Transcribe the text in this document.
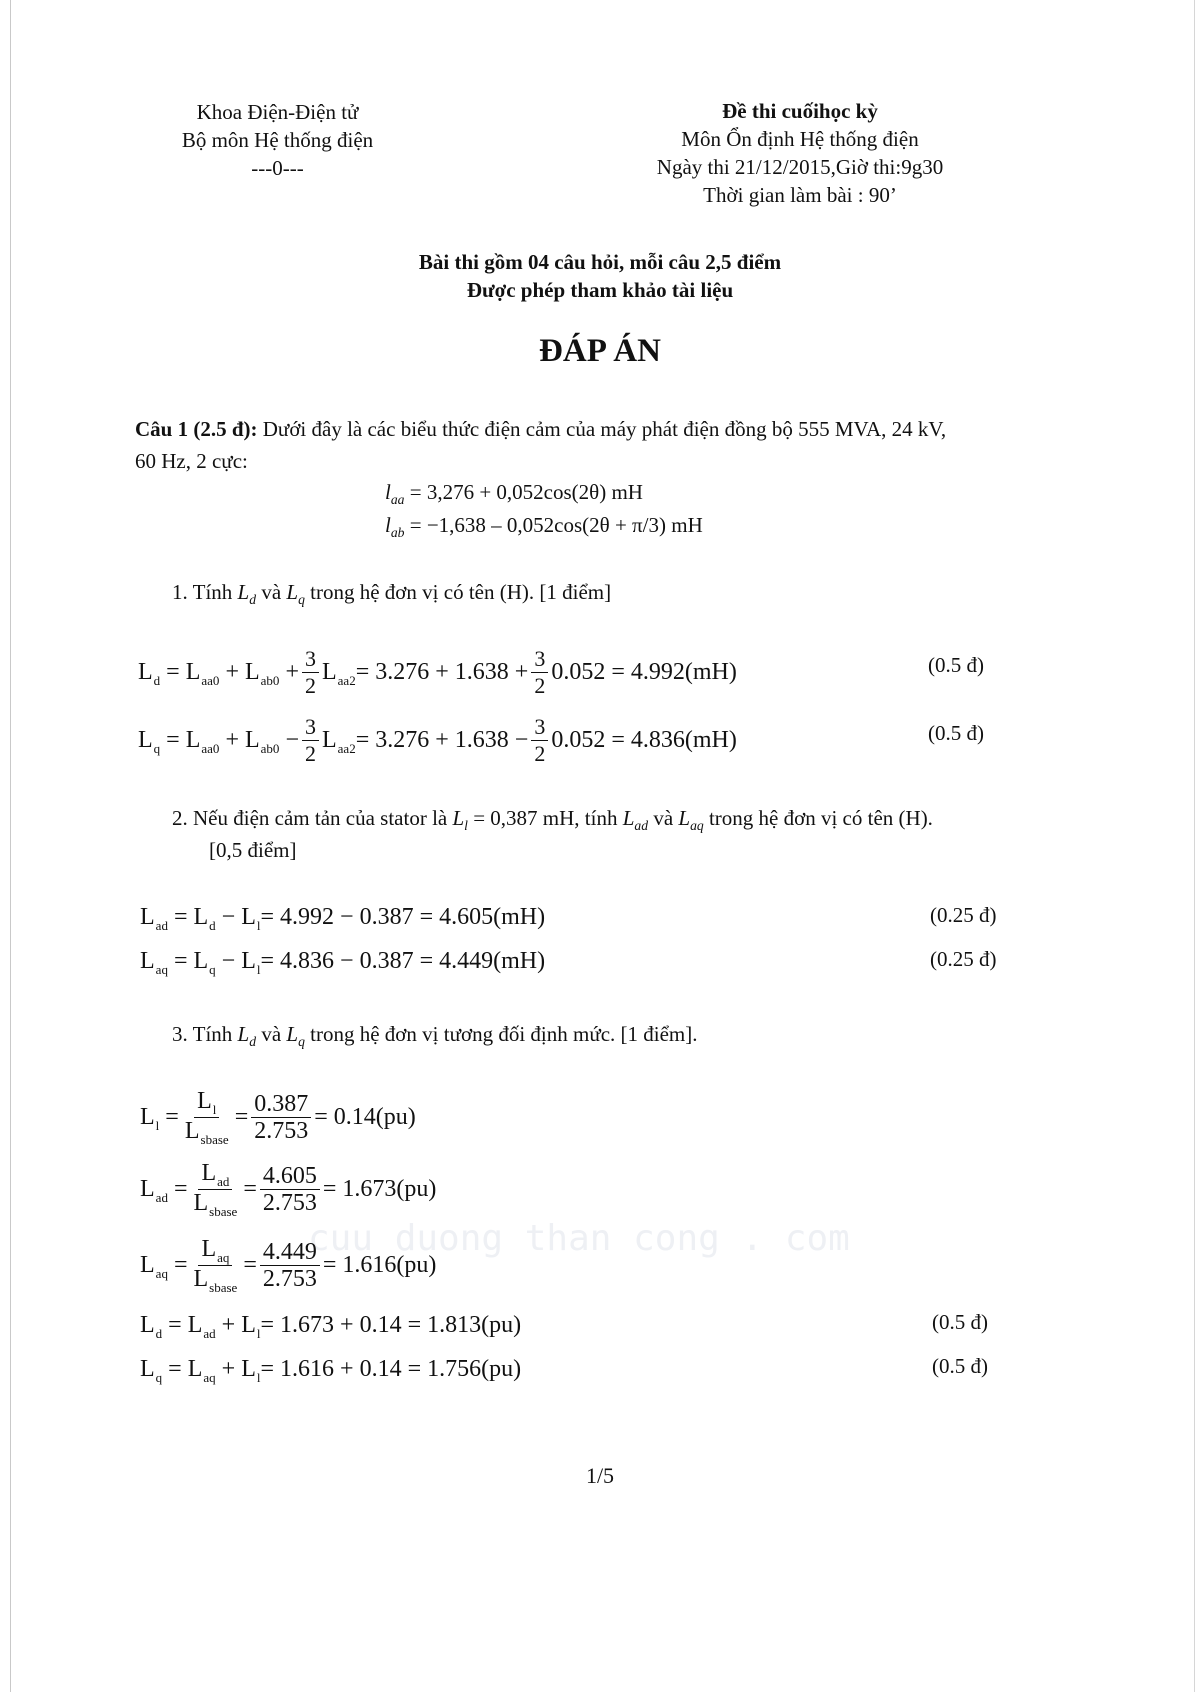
Khoa Điện-Điện tử
Bộ môn Hệ thống điện
---0---
Đề thi cuốihọc kỳ
Môn Ổn định Hệ thống điện
Ngày thi 21/12/2015,Giờ thi:9g30
Thời gian làm bài : 90’
Bài thi gồm 04 câu hỏi, mỗi câu 2,5 điểm
Được phép tham khảo tài liệu
ĐÁP ÁN
Câu 1 (2.5 đ): Dưới đây là các biểu thức điện cảm của máy phát điện đồng bộ 555 MVA, 24 kV,
60 Hz, 2 cực:
$l_{aa} = 3,276 + 0,052\cos(2\theta)$ mH
$l_{ab} = -1,638 - 0,052\cos(2\theta + \pi/3)$ mH
1. Tính $L_d$ và $L_q$ trong hệ đơn vị có tên (H). [1 điểm]
$L_d = L_{aa0} + L_{ab0} + \frac{3}{2} L_{aa2} = 3.276 + 1.638 + \frac{3}{2} 0.052 = 4.992(mH)$	(0.5 đ)
$L_q = L_{aa0} + L_{ab0} - \frac{3}{2} L_{aa2} = 3.276 + 1.638 - \frac{3}{2} 0.052 = 4.836(mH)$	(0.5 đ)
2. Nếu điện cảm tản của stator là $L_l = 0,387$ mH, tính $L_{ad}$ và $L_{aq}$ trong hệ đơn vị có tên (H).
[0,5 điểm]
$L_{ad} = L_d - L_l = 4.992 - 0.387 = 4.605(mH)$	(0.25 đ)
$L_{aq} = L_q - L_l = 4.836 - 0.387 = 4.449(mH)$	(0.25 đ)
3. Tính $L_d$ và $L_q$ trong hệ đơn vị tương đối định mức. [1 điểm].
$L_l = \frac{L_l}{L_{sbase}} = \frac{0.387}{2.753} = 0.14(pu)$
$L_{ad} = \frac{L_{ad}}{L_{sbase}} = \frac{4.605}{2.753} = 1.673(pu)$
cuu duong than cong . com
$L_{aq} = \frac{L_{aq}}{L_{sbase}} = \frac{4.449}{2.753} = 1.616(pu)$
$L_d = L_{ad} + L_l = 1.673 + 0.14 = 1.813(pu)$	(0.5 đ)
$L_q = L_{aq} + L_l = 1.616 + 0.14 = 1.756(pu)$	(0.5 đ)
1/5
